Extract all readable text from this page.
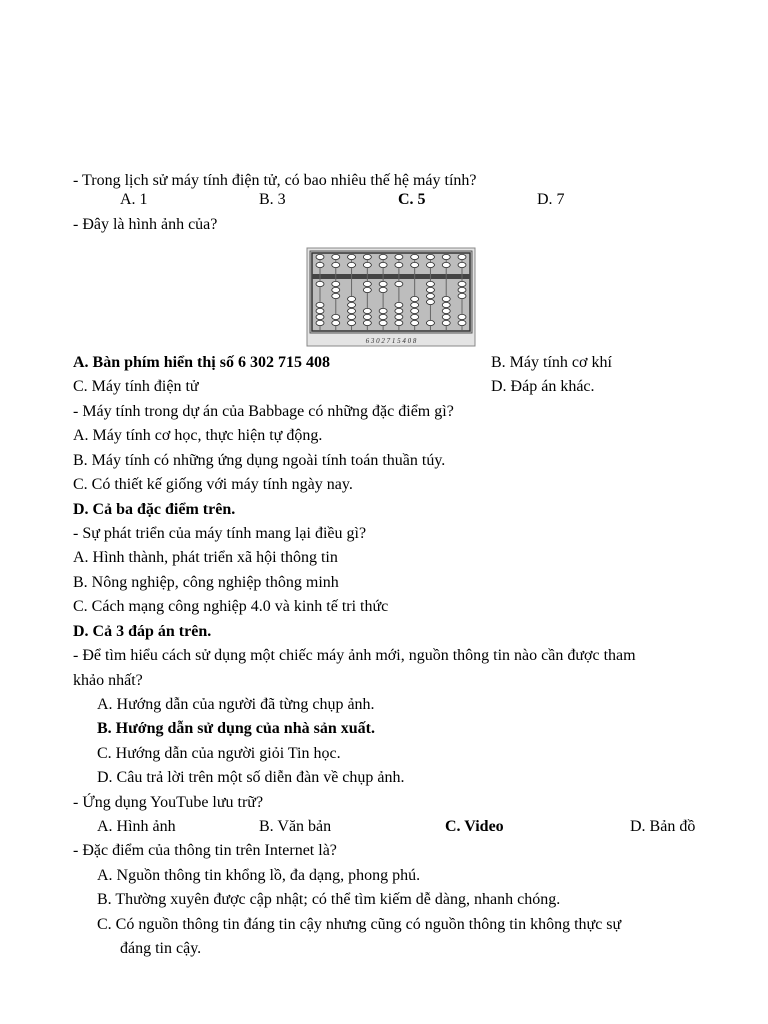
- Trong lịch sử máy tính điện tử, có bao nhiêu thế hệ máy tính?
A. 1	B. 3	C. 5	D. 7
- Đây là hình ảnh của?
6 3 0 2 7 1 5 4 0 8
A. Bàn phím hiển thị số 6 302 715 408	B. Máy tính cơ khí
C. Máy tính điện tử	D. Đáp án khác.
- Máy tính trong dự án của Babbage có những đặc điểm gì?
A. Máy tính cơ học, thực hiện tự động.
B. Máy tính có những ứng dụng ngoài tính toán thuần túy.
C. Có thiết kế giống với máy tính ngày nay.
D. Cả ba đặc điểm trên.
- Sự phát triển của máy tính mang lại điều gì?
A. Hình thành, phát triển xã hội thông tin
B. Nông nghiệp, công nghiệp thông minh
C. Cách mạng công nghiệp 4.0 và kinh tế tri thức
D. Cả 3 đáp án trên.
- Để tìm hiểu cách sử dụng một chiếc máy ảnh mới, nguồn thông tin nào cần được tham
khảo nhất?
A. Hướng dẫn của người đã từng chụp ảnh.
B. Hướng dẫn sử dụng của nhà sản xuất.
C. Hướng dẫn của người giỏi Tin học.
D. Câu trả lời trên một số diễn đàn về chụp ảnh.
- Ứng dụng YouTube lưu trữ?
A. Hình ảnh	B. Văn bản	C. Video	D. Bản đồ
- Đặc điểm của thông tin trên Internet là?
A. Nguồn thông tin khổng lồ, đa dạng, phong phú.
B. Thường xuyên được cập nhật; có thể tìm kiếm dễ dàng, nhanh chóng.
C. Có nguồn thông tin đáng tin cậy nhưng cũng có nguồn thông tin không thực sự
đáng tin cậy.
